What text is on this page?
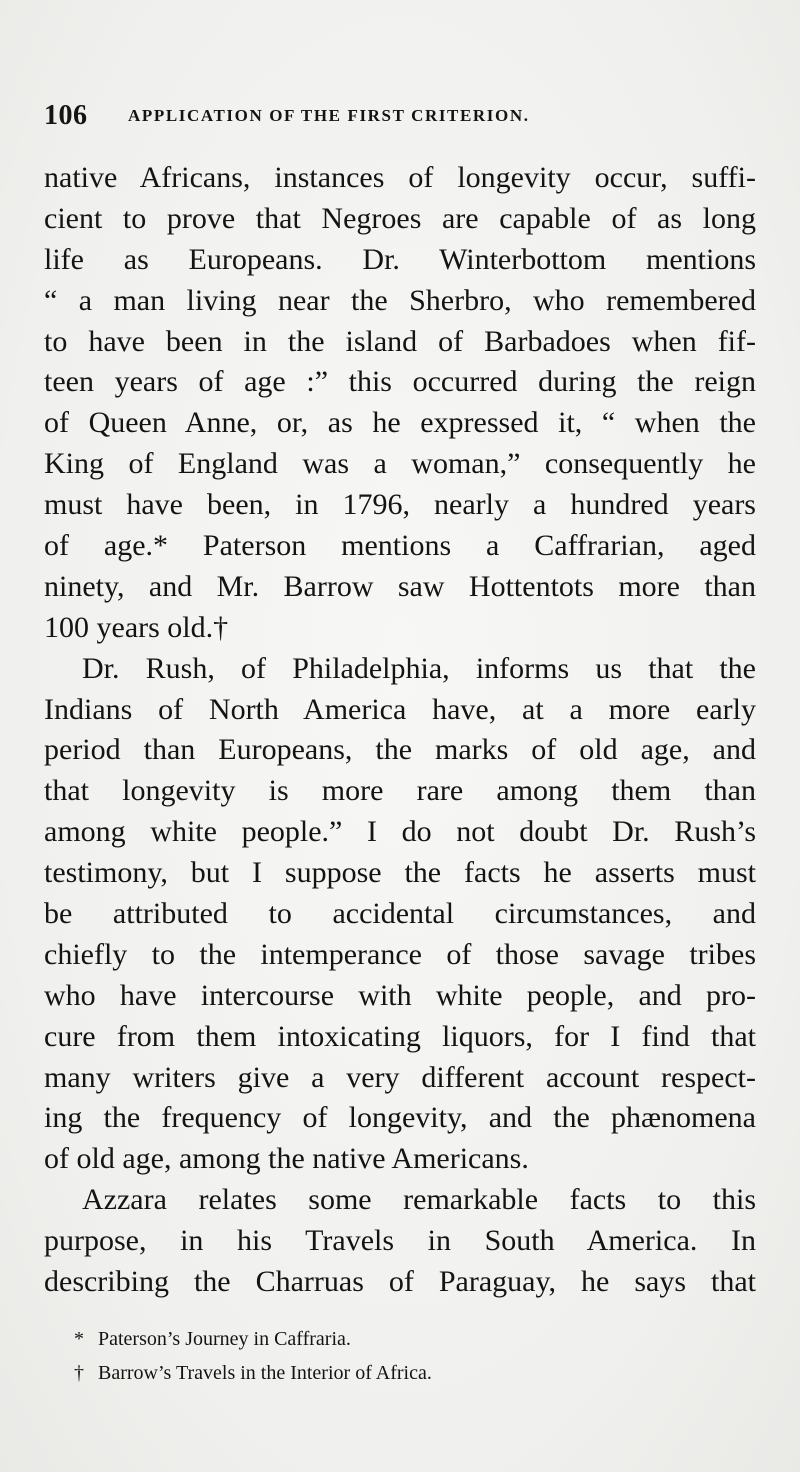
106 APPLICATION OF THE FIRST CRITERION.
native Africans, instances of longevity occur, suffi-
cient to prove that Negroes are capable of as long
life as Europeans. Dr. Winterbottom mentions
“ a man living near the Sherbro, who remembered
to have been in the island of Barbadoes when fif-
teen years of age :” this occurred during the reign
of Queen Anne, or, as he expressed it, “ when the
King of England was a woman,” consequently he
must have been, in 1796, nearly a hundred years
of age.* Paterson mentions a Caffrarian, aged
ninety, and Mr. Barrow saw Hottentots more than
100 years old.†
Dr. Rush, of Philadelphia, informs us that the
Indians of North America have, at a more early
period than Europeans, the marks of old age, and
that longevity is more rare among them than
among white people.” I do not doubt Dr. Rush’s
testimony, but I suppose the facts he asserts must
be attributed to accidental circumstances, and
chiefly to the intemperance of those savage tribes
who have intercourse with white people, and pro-
cure from them intoxicating liquors, for I find that
many writers give a very different account respect-
ing the frequency of longevity, and the phænomena
of old age, among the native Americans.
Azzara relates some remarkable facts to this
purpose, in his Travels in South America. In
describing the Charruas of Paraguay, he says that
* Paterson’s Journey in Caffraria.
† Barrow’s Travels in the Interior of Africa.
